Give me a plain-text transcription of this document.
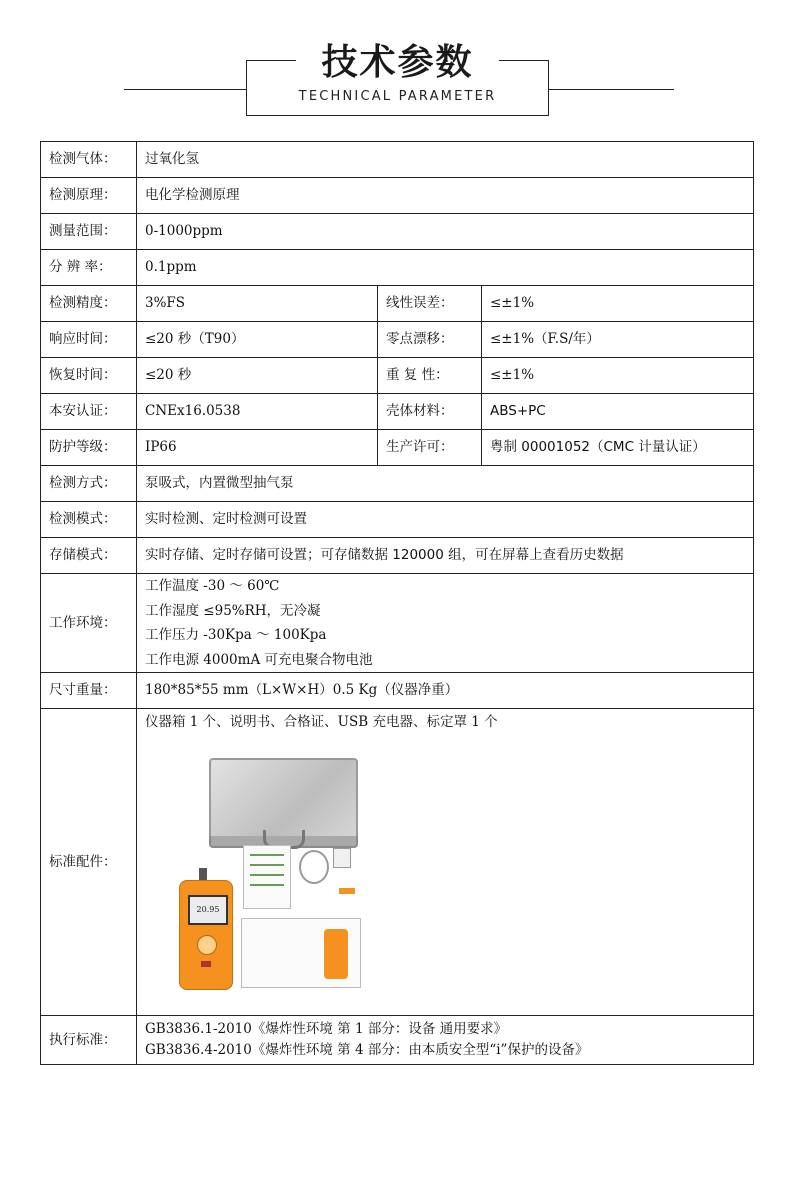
技术参数
TECHNICAL PARAMETER
检测气体：	过氧化氢		
检测原理：	电化学检测原理		
测量范围：	0-1000ppm		
分 辨 率：	0.1ppm		
检测精度：	3%FS	线性误差：	≤±1%
响应时间：	≤20 秒（T90）	零点漂移：	≤±1%（F.S/年）
恢复时间：	≤20 秒	重 复 性：	≤±1%
本安认证：	CNEx16.0538	壳体材料：	ABS+PC
防护等级：	IP66	生产许可：	粤制 00001052（CMC 计量认证）
检测方式：	泵吸式，内置微型抽气泵		
检测模式：	实时检测、定时检测可设置		
存储模式：	实时存储、定时存储可设置；可存储数据 120000 组，可在屏幕上查看历史数据		
工作环境：	工作温度 -30 ～ 60℃
工作湿度 ≤95%RH，无冷凝
工作压力 -30Kpa ～ 100Kpa
工作电源 4000mA 可充电聚合物电池		

尺寸重量：	180*85*55 mm（L×W×H）0.5 Kg（仪器净重）		
标准配件：	仪器箱 1 个、说明书、合格证、USB 充电器、标定罩 1 个
20.95		

执行标准：	GB3836.1-2010《爆炸性环境 第 1 部分：设备 通用要求》
GB3836.4-2010《爆炸性环境 第 4 部分：由本质安全型“i”保护的设备》		
